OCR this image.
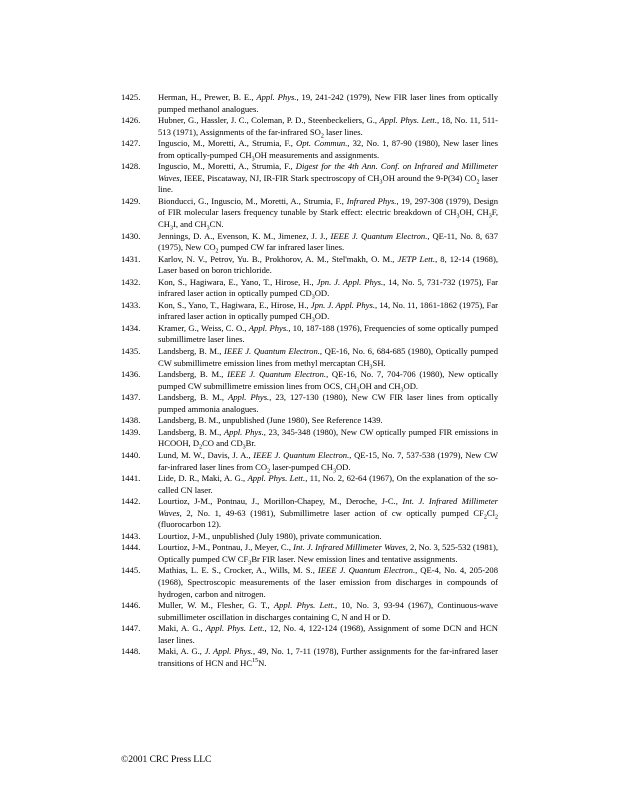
1425.	Herman, H., Prewer, B. E., Appl. Phys., 19, 241-242 (1979), New FIR laser lines from optically pumped methanol analogues.
1426.	Hubner, G., Hassler, J. C., Coleman, P. D., Steenbeckeliers, G., Appl. Phys. Lett., 18, No. 11, 511-513 (1971), Assignments of the far-infrared $SO_2$ laser lines.
1427.	Inguscio, M., Moretti, A., Strumia, F., Opt. Commun., 32, No. 1, 87-90 (1980), New laser lines from optically-pumped $CH_3OH$ measurements and assignments.
1428.	Inguscio, M., Moretti, A., Strumia, F., Digest for the 4th Ann. Conf. on Infrared and Millimeter Waves, IEEE, Piscataway, NJ, IR-FIR Stark spectroscopy of $CH_3OH$ around the 9-P(34) $CO_2$ laser line.
1429.	Bionducci, G., Inguscio, M., Moretti, A., Strumia, F., Infrared Phys., 19, 297-308 (1979), Design of FIR molecular lasers frequency tunable by Stark effect: electric breakdown of $CH_3OH$, $CH_3F$, $CH_3I$, and $CH_3CN$.
1430.	Jennings, D. A., Evenson, K. M., Jimenez, J. J., IEEE J. Quantum Electron., QE-11, No. 8, 637 (1975), New $CO_2$ pumped CW far infrared laser lines.
1431.	Karlov, N. V., Petrov, Yu. B., Prokhorov, A. M., Stel'makh, O. M., JETP Lett., 8, 12-14 (1968), Laser based on boron trichloride.
1432.	Kon, S., Hagiwara, E., Yano, T., Hirose, H., Jpn. J. Appl. Phys., 14, No. 5, 731-732 (1975), Far infrared laser action in optically pumped $CD_3OD$.
1433.	Kon, S., Yano, T., Hagiwara, E., Hirose, H., Jpn. J. Appl. Phys., 14, No. 11, 1861-1862 (1975), Far infrared laser action in optically pumped $CH_3OD$.
1434.	Kramer, G., Weiss, C. O., Appl. Phys., 10, 187-188 (1976), Frequencies of some optically pumped submillimetre laser lines.
1435.	Landsberg, B. M., IEEE J. Quantum Electron., QE-16, No. 6, 684-685 (1980), Optically pumped CW submillimetre emission lines from methyl mercaptan $CH_3SH$.
1436.	Landsberg, B. M., IEEE J. Quantum Electron., QE-16, No. 7, 704-706 (1980), New optically pumped CW submillimetre emission lines from OCS, $CH_3OH$ and $CH_3OD$.
1437.	Landsberg, B. M., Appl. Phys., 23, 127-130 (1980), New CW FIR laser lines from optically pumped ammonia analogues.
1438.	Landsberg, B. M., unpublished (June 1980), See Reference 1439.
1439.	Landsberg, B. M., Appl. Phys., 23, 345-348 (1980), New CW optically pumped FIR emissions in HCOOH, $D_2CO$ and $CD_3Br$.
1440.	Lund, M. W., Davis, J. A., IEEE J. Quantum Electron., QE-15, No. 7, 537-538 (1979), New CW far-infrared laser lines from $CO_2$ laser-pumped $CH_3OD$.
1441.	Lide, D. R., Maki, A. G., Appl. Phys. Lett., 11, No. 2, 62-64 (1967), On the explanation of the so-called CN laser.
1442.	Lourtioz, J-M., Pontnau, J., Morillon-Chapey, M., Deroche, J-C., Int. J. Infrared Millimeter Waves, 2, No. 1, 49-63 (1981), Submillimetre laser action of cw optically pumped $CF_2Cl_2$ (fluorocarbon 12).
1443.	Lourtioz, J-M., unpublished (July 1980), private communication.
1444.	Lourtioz, J-M., Pontnau, J., Meyer, C., Int. J. Infrared Millimeter Waves, 2, No. 3, 525-532 (1981), Optically pumped CW $CF_3Br$ FIR laser. New emission lines and tentative assignments.
1445.	Mathias, L. E. S., Crocker, A., Wills, M. S., IEEE J. Quantum Electron., QE-4, No. 4, 205-208 (1968), Spectroscopic measurements of the laser emission from discharges in compounds of hydrogen, carbon and nitrogen.
1446.	Muller, W. M., Flesher, G. T., Appl. Phys. Lett., 10, No. 3, 93-94 (1967), Continuous-wave submillimeter oscillation in discharges containing C, N and H or D.
1447.	Maki, A. G., Appl. Phys. Lett., 12, No. 4, 122-124 (1968), Assignment of some DCN and HCN laser lines.
1448.	Maki, A. G., J. Appl. Phys., 49, No. 1, 7-11 (1978), Further assignments for the far-infrared laser transitions of HCN and HC$^{15}$N.
©2001 CRC Press LLC
